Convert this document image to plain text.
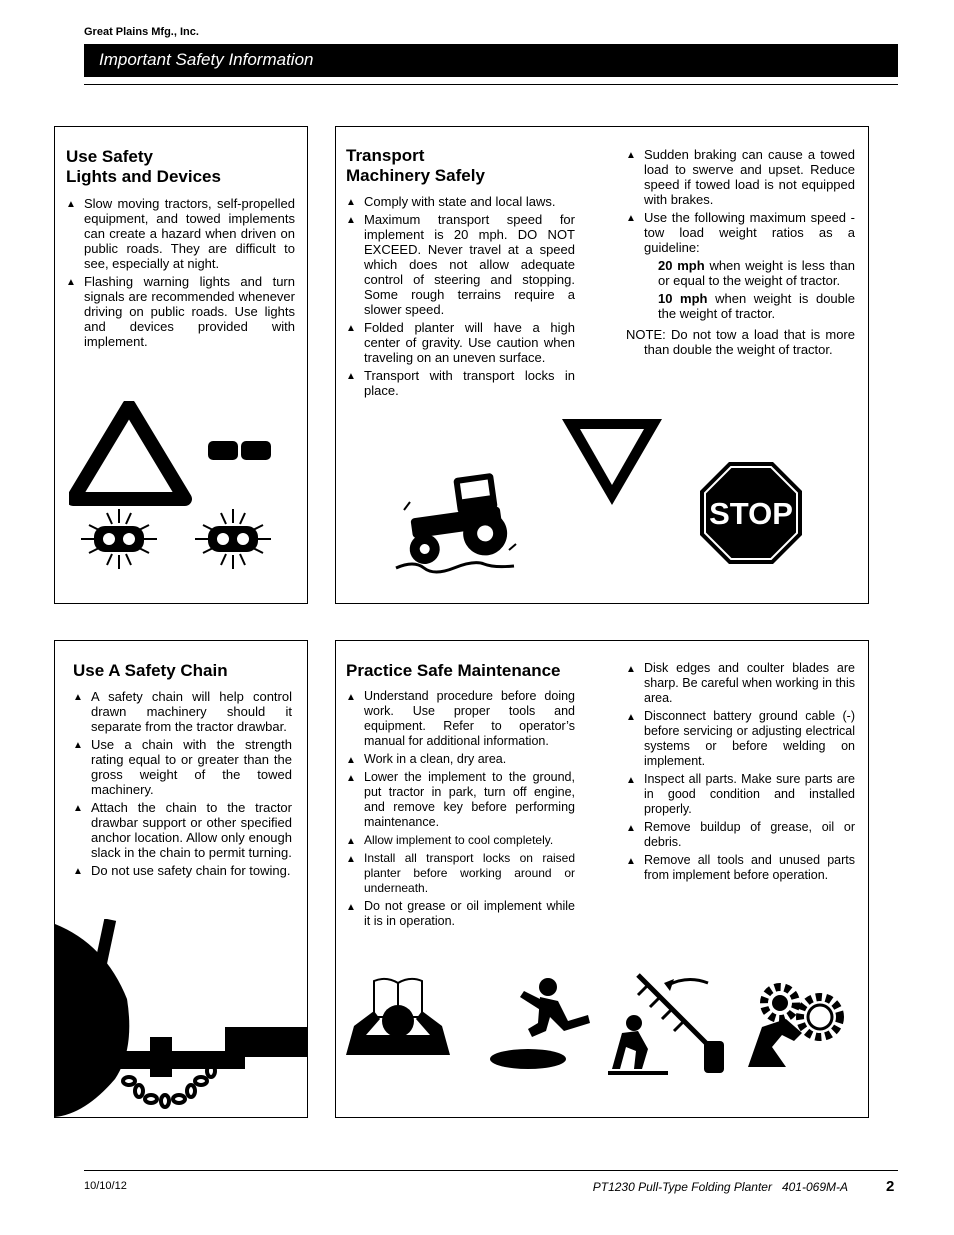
Great Plains Mfg., Inc.
Important Safety Information
Use Safety
Lights and Devices
▲ Slow moving tractors, self-propelled equipment, and towed implements can create a hazard when driven on public roads. They are difficult to see, especially at night.
▲ Flashing warning lights and turn signals are recommended whenever driving on public roads. Use lights and devices provided with implement.
Transport
Machinery Safely
▲ Comply with state and local laws.
▲ Maximum transport speed for implement is 20 mph. DO NOT EXCEED. Never travel at a speed which does not allow adequate control of steering and stopping. Some rough terrains require a slower speed.
▲ Folded planter will have a high center of gravity. Use caution when traveling on an uneven surface.
▲ Transport with transport locks in place.
▲ Sudden braking can cause a towed load to swerve and upset. Reduce speed if towed load is not equipped with brakes.
▲ Use the following maximum speed - tow load weight ratios as a guideline:
20 mph when weight is less than or equal to the weight of tractor.
10 mph when weight is double the weight of tractor.
NOTE: Do not tow a load that is more than double the weight of tractor.
STOP
Use A Safety Chain
▲ A safety chain will help control drawn machinery should it separate from the tractor drawbar.
▲ Use a chain with the strength rating equal to or greater than the gross weight of the towed machinery.
▲ Attach the chain to the tractor drawbar support or other specified anchor location. Allow only enough slack in the chain to permit turning.
▲ Do not use safety chain for towing.
Practice Safe Maintenance
▲ Understand procedure before doing work. Use proper tools and equipment. Refer to operator’s manual for additional information.
▲ Work in a clean, dry area.
▲ Lower the implement to the ground, put tractor in park, turn off engine, and remove key before performing maintenance.
▲ Allow implement to cool completely.
▲ Install all transport locks on raised planter before working around or underneath.
▲ Do not grease or oil implement while it is in operation.
▲ Disk edges and coulter blades are sharp. Be careful when working in this area.
▲ Disconnect battery ground cable (-) before servicing or adjusting electrical systems or before welding on implement.
▲ Inspect all parts. Make sure parts are in good condition and installed properly.
▲ Remove buildup of grease, oil or debris.
▲ Remove all tools and unused parts from implement before operation.
10/10/12	PT1230 Pull-Type Folding Planter   401-069M-A	2
